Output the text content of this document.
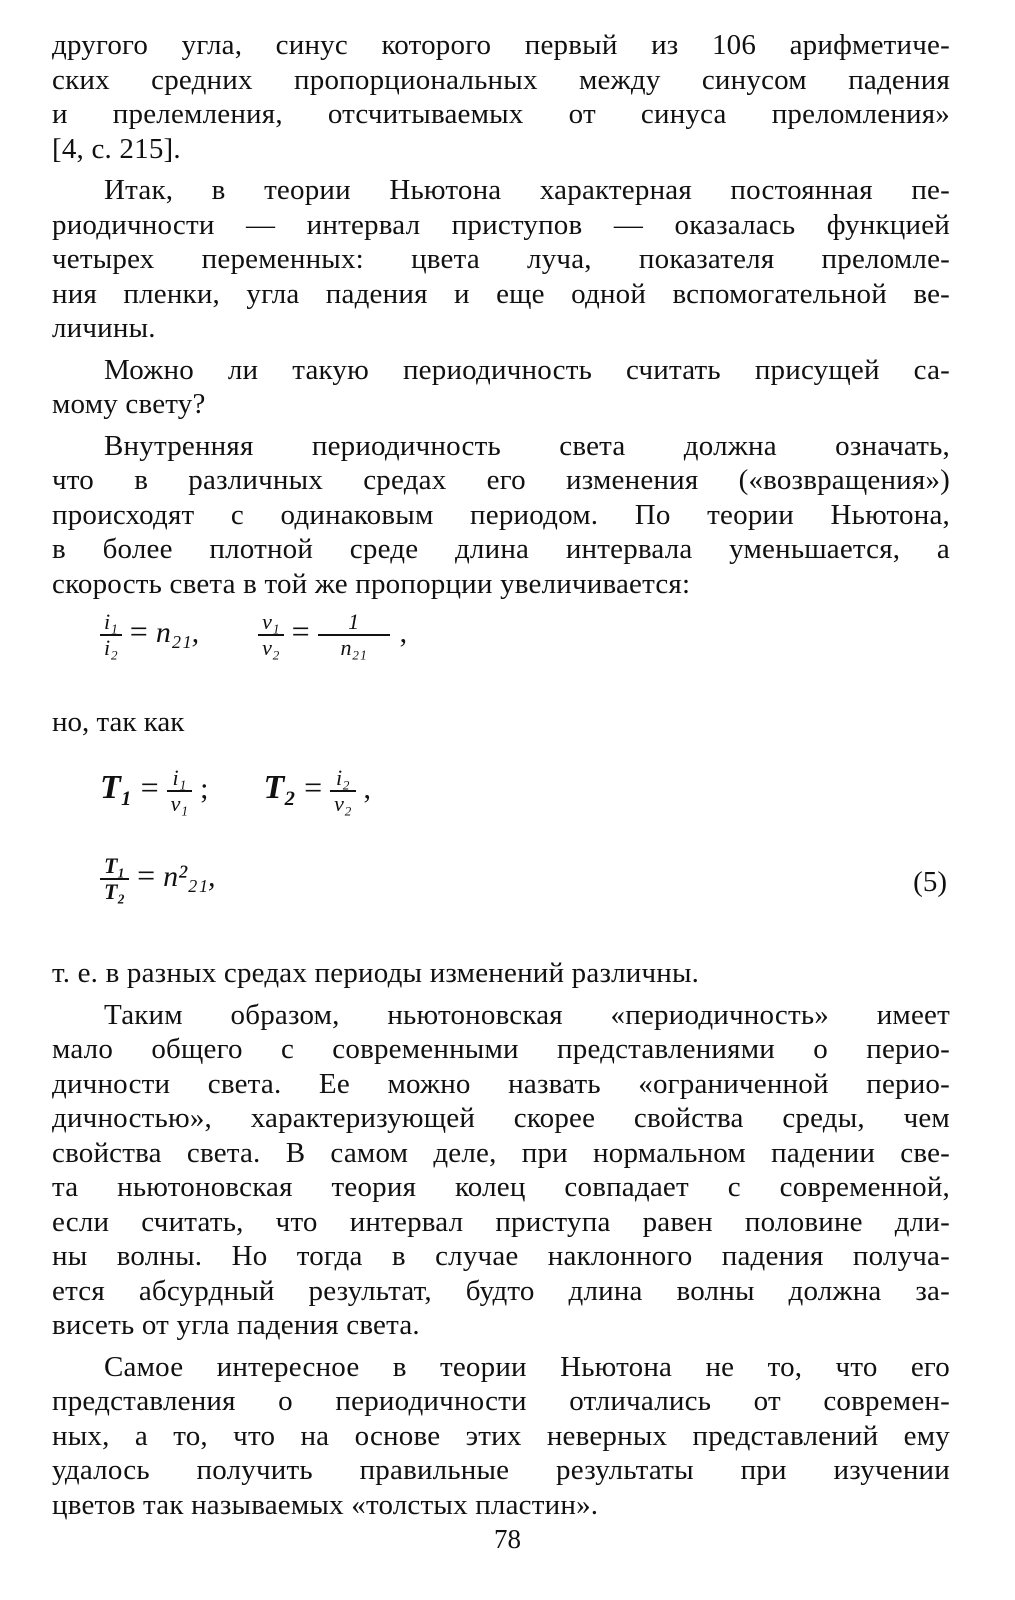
другого угла, синус которого первый из 106 арифметиче-
ских средних пропорциональных между синусом падения
и прелемления, отсчитываемых от синуса преломления»
[4, с. 215].
Итак, в теории Ньютона характерная постоянная пе-
риодичности — интервал приступов — оказалась функцией
четырех переменных: цвета луча, показателя преломле-
ния пленки, угла падения и еще одной вспомогательной ве-
личины.
Можно ли такую периодичность считать присущей са-
мому свету?
Внутренняя периодичность света должна означать,
что в различных средах его изменения («возвращения»)
происходят с одинаковым периодом. По теории Ньютона,
в более плотной среде длина интервала уменьшается, а
скорость света в той же пропорции увеличивается:
$\frac{\text{i₁}}{\text{i₂}} = n_{21}$,	$\frac{\text{v₁}}{\text{v₂}} = \frac{1}{\text{n₂₁}}$ ,
но, так как
$T_1 = \frac{\text{i₁}}{\text{v₁}}$ ; $T_2 = \frac{\text{i₂}}{\text{v₂}}$ ,
$\frac{\text{T₁}}{\text{T₂}} = n^2_{21}$,	(5)
т. е. в разных средах периоды изменений различны.
Таким образом, ньютоновская «периодичность» имеет
мало общего с современными представлениями о перио-
дичности света. Ее можно назвать «ограниченной перио-
дичностью», характеризующей скорее свойства среды, чем
свойства света. В самом деле, при нормальном падении све-
та ньютоновская теория колец совпадает с современной,
если считать, что интервал приступа равен половине дли-
ны волны. Но тогда в случае наклонного падения получа-
ется абсурдный результат, будто длина волны должна за-
висеть от угла падения света.
Самое интересное в теории Ньютона не то, что его
представления о периодичности отличались от современ-
ных, а то, что на основе этих неверных представлений ему
удалось получить правильные результаты при изучении
цветов так называемых «толстых пластин».
78
